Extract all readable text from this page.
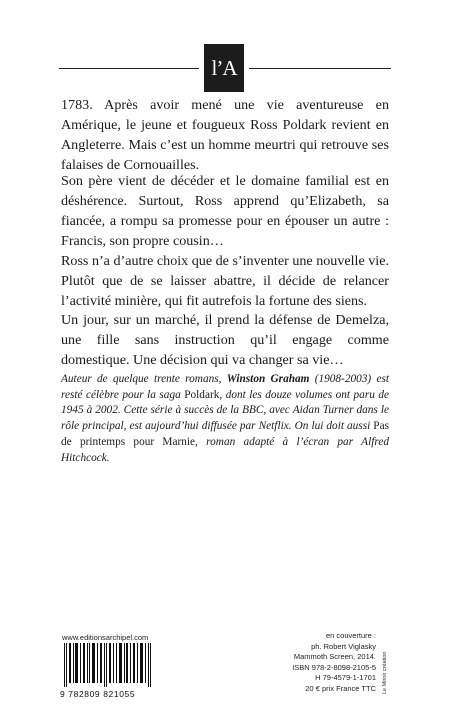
l’A
1783. Après avoir mené une vie aventureuse en Amérique, le jeune et fougueux Ross Poldark revient en Angleterre. Mais c’est un homme meurtri qui retrouve ses falaises de Cornouailles.
Son père vient de décéder et le domaine familial est en déshérence. Surtout, Ross apprend qu’Elizabeth, sa fiancée, a rompu sa promesse pour en épouser un autre : Francis, son propre cousin…
Ross n’a d’autre choix que de s’inventer une nouvelle vie. Plutôt que de se laisser abattre, il décide de relancer l’activité minière, qui fit autrefois la fortune des siens.
Un jour, sur un marché, il prend la défense de Demelza, une fille sans instruction qu’il engage comme domestique. Une décision qui va changer sa vie…
Auteur de quelque trente romans, Winston Graham (1908-2003) est resté célèbre pour la saga Poldark, dont les douze volumes ont paru de 1945 à 2002. Cette série à succès de la BBC, avec Aidan Turner dans le rôle principal, est aujourd’hui diffusée par Netflix. On lui doit aussi Pas de printemps pour Marnie, roman adapté à l’écran par Alfred Hitchcock.
www.editionsarchipel.com
9 782809 821055
en couverture :
ph. Robert Viglasky
Mammoth Screen, 2014.
ISBN 978-2-8098-2105-5
H 79-4579-1-1701
20 € prix France TTC Le Miroir création
